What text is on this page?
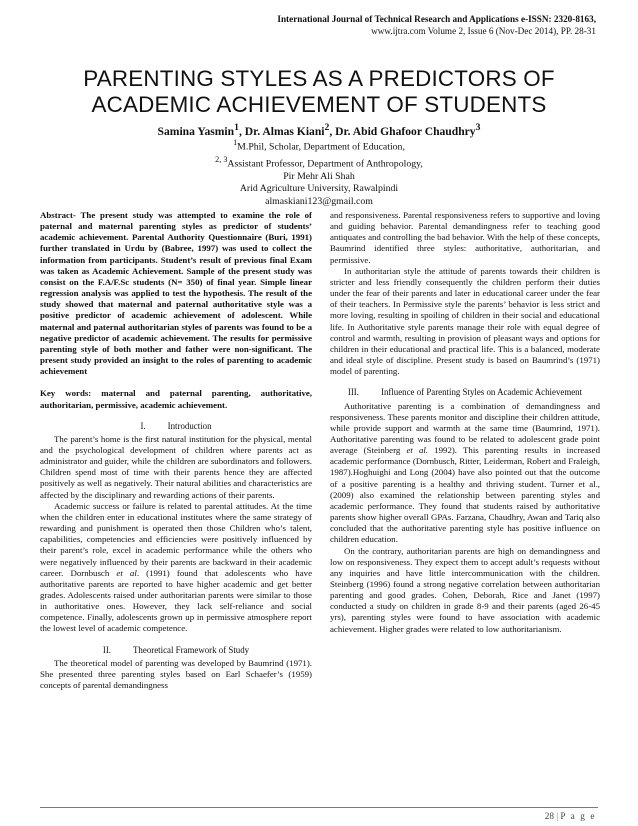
International Journal of Technical Research and Applications e-ISSN: 2320-8163,
www.ijtra.com Volume 2, Issue 6 (Nov-Dec 2014), PP. 28-31
PARENTING STYLES AS A PREDICTORS OF
ACADEMIC ACHIEVEMENT OF STUDENTS
Samina Yasmin$^1$, Dr. Almas Kiani$^2$, Dr. Abid Ghafoor Chaudhry$^3$
$^1$M.Phil, Scholar, Department of Education,
$^{2, 3}$Assistant Professor, Department of Anthropology,
Pir Mehr Ali Shah
Arid Agriculture University, Rawalpindi
almaskiani123@gmail.com

Abstract- The present study was attempted to examine the role of paternal and maternal parenting styles as predictor of students’ academic achievement. Parental Authority Questionnaire (Buri, 1991) further translated in Urdu by (Babree, 1997) was used to collect the information from participants. Student’s result of previous final Exam was taken as Academic Achievement. Sample of the present study was consist on the F.A/F.Sc students (N= 350) of final year. Simple linear regression analysis was applied to test the hypothesis. The result of the study showed that maternal and paternal authoritative style was a positive predictor of academic achievement of adolescent. While maternal and paternal authoritarian styles of parents was found to be a negative predictor of academic achievement. The results for permissive parenting style of both mother and father were non-significant. The present study provided an insight to the roles of parenting to academic achievement

Key words: maternal and paternal parenting, authoritative, authoritarian, permissive, academic achievement.

I. Introduction

The parent’s home is the first natural institution for the physical, mental and the psychological development of children where parents act as administrator and guider, while the children are subordinators and followers. Children spend most of time with their parents hence they are affected positively as well as negatively. Their natural abilities and characteristics are affected by the disciplinary and rewarding actions of their parents.

Academic success or failure is related to parental attitudes. At the time when the children enter in educational institutes where the same strategy of rewarding and punishment is operated then those Children who’s talent, capabilities, competencies and efficiencies were positively influenced by their parent’s role, excel in academic performance while the others who were negatively influenced by their parents are backward in their academic career. Dornbusch et al. (1991) found that adolescents who have authoritative parents are reported to have higher academic and get better grades. Adolescents raised under authoritarian parents were similar to those in authoritative ones. However, they lack self-reliance and social competence. Finally, adolescents grown up in permissive atmosphere report the lowest level of academic competence.

II. Theoretical Framework of Study

The theoretical model of parenting was developed by Baumrind (1971). She presented three parenting styles based on Earl Schaefer’s (1959) concepts of parental demandingness

and responsiveness. Parental responsiveness refers to supportive and loving and guiding behavior. Parental demandingness refer to teaching good antiquates and controlling the bad behavior. With the help of these concepts, Baumrind identified three styles: authoritative, authoritarian, and permissive.

In authoritarian style the attitude of parents towards their children is stricter and less friendly consequently the children perform their duties under the fear of their parents and later in educational career under the fear of their teachers. In Permissive style the parents’ behavior is less strict and more loving, resulting in spoiling of children in their social and educational life. In Authoritative style parents manage their role with equal degree of control and warmth, resulting in provision of pleasant ways and options for children in their educational and practical life. This is a balanced, moderate and ideal style of discipline. Present study is based on Baumrind’s (1971) model of parenting.

III. Influence of Parenting Styles on Academic Achievement

Authoritative parenting is a combination of demandingness and responsiveness. These parents monitor and discipline their children attitude, while provide support and warmth at the same time (Baumrind, 1971). Authoritative parenting was found to be related to adolescent grade point average (Steinberg et al. 1992). This parenting results in increased academic performance (Dornbusch, Ritter, Leiderman, Robert and Fraleigh, 1987).Hoghuighi and Long (2004) have also pointed out that the outcome of a positive parenting is a healthy and thriving student. Turner et al., (2009) also examined the relationship between parenting styles and academic performance. They found that students raised by authoritative parents show higher overall GPAs. Farzana, Chaudhry, Awan and Tariq also concluded that the authoritative parenting style has positive influence on children education.

On the contrary, authoritarian parents are high on demandingness and low on responsiveness. They expect them to accept adult’s requests without any inquiries and have little intercommunication with the children. Steinberg (1996) found a strong negative correlation between authoritarian parenting and good grades. Cohen, Deborah, Rice and Janet (1997) conducted a study on children in grade 8-9 and their parents (aged 26-45 yrs), parenting styles were found to have association with academic achievement. Higher grades were related to low authoritarianism.

28 | P a g e
